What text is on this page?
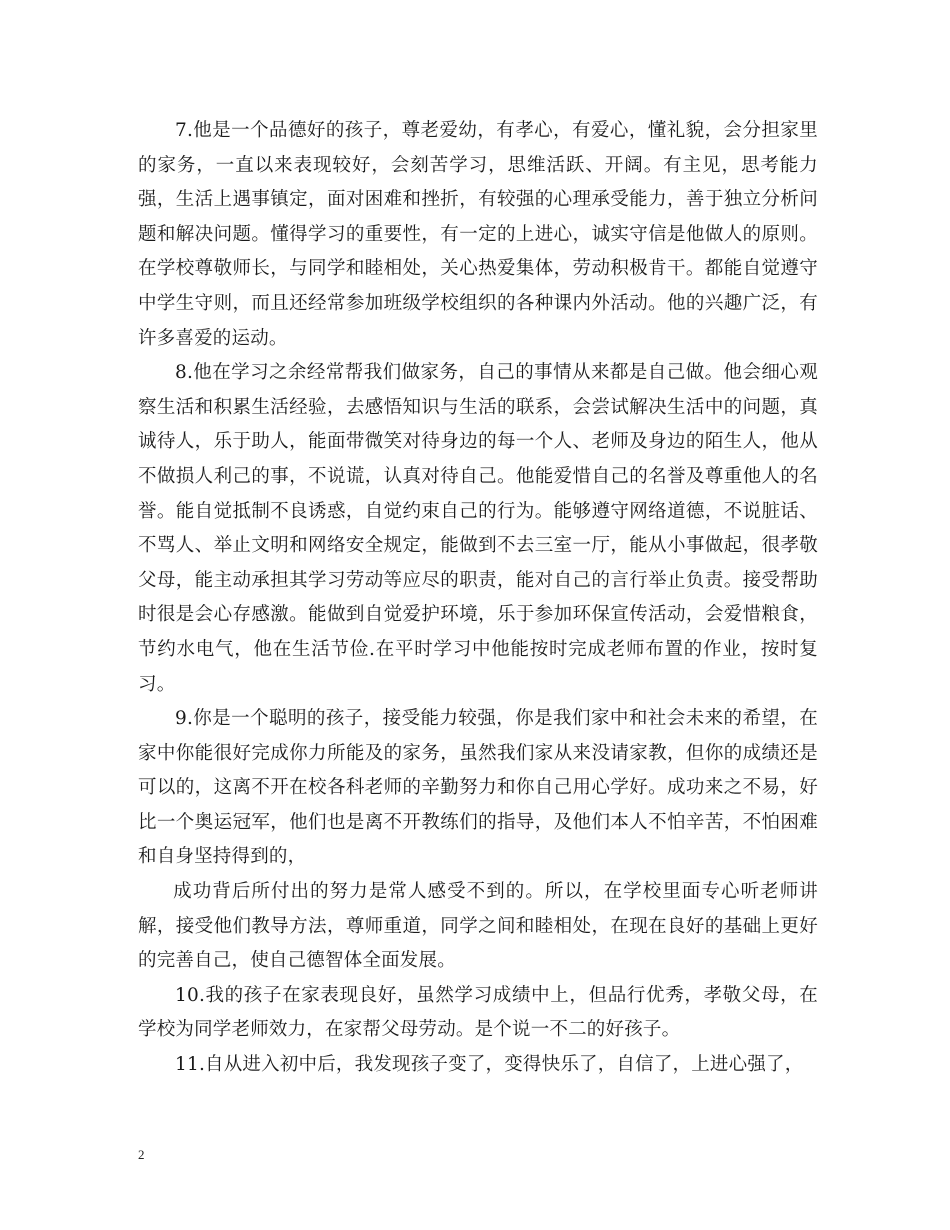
7.他是一个品德好的孩子，尊老爱幼，有孝心，有爱心，懂礼貌，会分担家里的家务，一直以来表现较好，会刻苦学习，思维活跃、开阔。有主见，思考能力强，生活上遇事镇定，面对困难和挫折，有较强的心理承受能力，善于独立分析问题和解决问题。懂得学习的重要性，有一定的上进心，诚实守信是他做人的原则。在学校尊敬师长，与同学和睦相处，关心热爱集体，劳动积极肯干。都能自觉遵守中学生守则，而且还经常参加班级学校组织的各种课内外活动。他的兴趣广泛，有许多喜爱的运动。

8.他在学习之余经常帮我们做家务，自己的事情从来都是自己做。他会细心观察生活和积累生活经验，去感悟知识与生活的联系，会尝试解决生活中的问题，真诚待人，乐于助人，能面带微笑对待身边的每一个人、老师及身边的陌生人，他从不做损人利己的事，不说谎，认真对待自己。他能爱惜自己的名誉及尊重他人的名誉。能自觉抵制不良诱惑，自觉约束自己的行为。能够遵守网络道德，不说脏话、不骂人、举止文明和网络安全规定，能做到不去三室一厅，能从小事做起，很孝敬父母，能主动承担其学习劳动等应尽的职责，能对自己的言行举止负责。接受帮助时很是会心存感激。能做到自觉爱护环境，乐于参加环保宣传活动，会爱惜粮食，节约水电气，他在生活节俭.在平时学习中他能按时完成老师布置的作业，按时复习。

9.你是一个聪明的孩子，接受能力较强，你是我们家中和社会未来的希望，在家中你能很好完成你力所能及的家务，虽然我们家从来没请家教，但你的成绩还是可以的，这离不开在校各科老师的辛勤努力和你自己用心学好。成功来之不易，好比一个奥运冠军，他们也是离不开教练们的指导，及他们本人不怕辛苦，不怕困难和自身坚持得到的，

成功背后所付出的努力是常人感受不到的。所以，在学校里面专心听老师讲解，接受他们教导方法，尊师重道，同学之间和睦相处，在现在良好的基础上更好的完善自己，使自己德智体全面发展。

10.我的孩子在家表现良好，虽然学习成绩中上，但品行优秀，孝敬父母，在学校为同学老师效力，在家帮父母劳动。是个说一不二的好孩子。

11.自从进入初中后，我发现孩子变了，变得快乐了，自信了，上进心强了，

2
